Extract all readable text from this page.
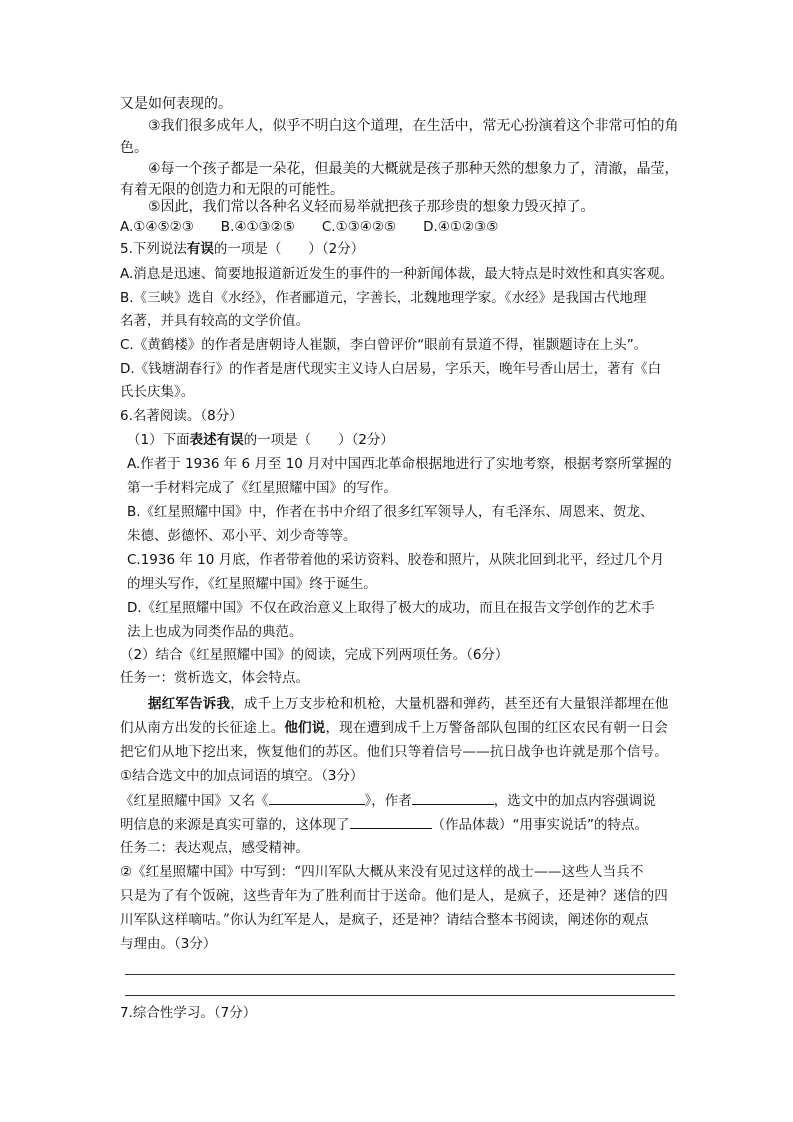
又是如何表现的。
③我们很多成年人，似乎不明白这个道理，在生活中，常无心扮演着这个非常可怕的角
色。
④每一个孩子都是一朵花，但最美的大概就是孩子那种天然的想象力了，清澈，晶莹，
有着无限的创造力和无限的可能性。
⑤因此，我们常以各种名义轻而易举就把孩子那珍贵的想象力毁灭掉了。
A.①④⑤②③　　B.④①③②⑤　　C.①③④②⑤　　D.④①②③⑤
5.下列说法有误的一项是（　　）（2分）
A.消息是迅速、简要地报道新近发生的事件的一种新闻体裁，最大特点是时效性和真实客观。
B.《三峡》选自《水经》，作者郦道元，字善长，北魏地理学家。《水经》是我国古代地理
名著，并具有较高的文学价值。
C.《黄鹤楼》的作者是唐朝诗人崔颢，李白曾评价“眼前有景道不得，崔颢题诗在上头”。
D.《钱塘湖春行》的作者是唐代现实主义诗人白居易，字乐天，晚年号香山居士，著有《白
氏长庆集》。
6.名著阅读。（8分）
（1）下面表述有误的一项是（　　）（2分）
A.作者于 1936 年 6 月至 10 月对中国西北革命根据地进行了实地考察，根据考察所掌握的
第一手材料完成了《红星照耀中国》的写作。
B.《红星照耀中国》中，作者在书中介绍了很多红军领导人，有毛泽东、周恩来、贺龙、
朱德、彭德怀、邓小平、刘少奇等等。
C.1936 年 10 月底，作者带着他的采访资料、胶卷和照片，从陕北回到北平，经过几个月
的埋头写作，《红星照耀中国》终于诞生。
D.《红星照耀中国》不仅在政治意义上取得了极大的成功，而且在报告文学创作的艺术手
法上也成为同类作品的典范。
（2）结合《红星照耀中国》的阅读，完成下列两项任务。（6分）
任务一：赏析选文，体会特点。
据红军告诉我，成千上万支步枪和机枪，大量机器和弹药，甚至还有大量银洋都埋在他
们从南方出发的长征途上。他们说，现在遭到成千上万警备部队包围的红区农民有朝一日会
把它们从地下挖出来，恢复他们的苏区。他们只等着信号——抗日战争也许就是那个信号。
①结合选文中的加点词语的填空。（3分）
《红星照耀中国》又名《	》，作者	，选文中的加点内容强调说
明信息的来源是真实可靠的，这体现了	（作品体裁）“用事实说话”的特点。
任务二：表达观点，感受精神。
②《红星照耀中国》中写到：“四川军队大概从来没有见过这样的战士——这些人当兵不
只是为了有个饭碗，这些青年为了胜利而甘于送命。他们是人，是疯子，还是神？迷信的四
川军队这样嘀咕。”你认为红军是人，是疯子，还是神？请结合整本书阅读，阐述你的观点
与理由。（3分）
7.综合性学习。（7分）
